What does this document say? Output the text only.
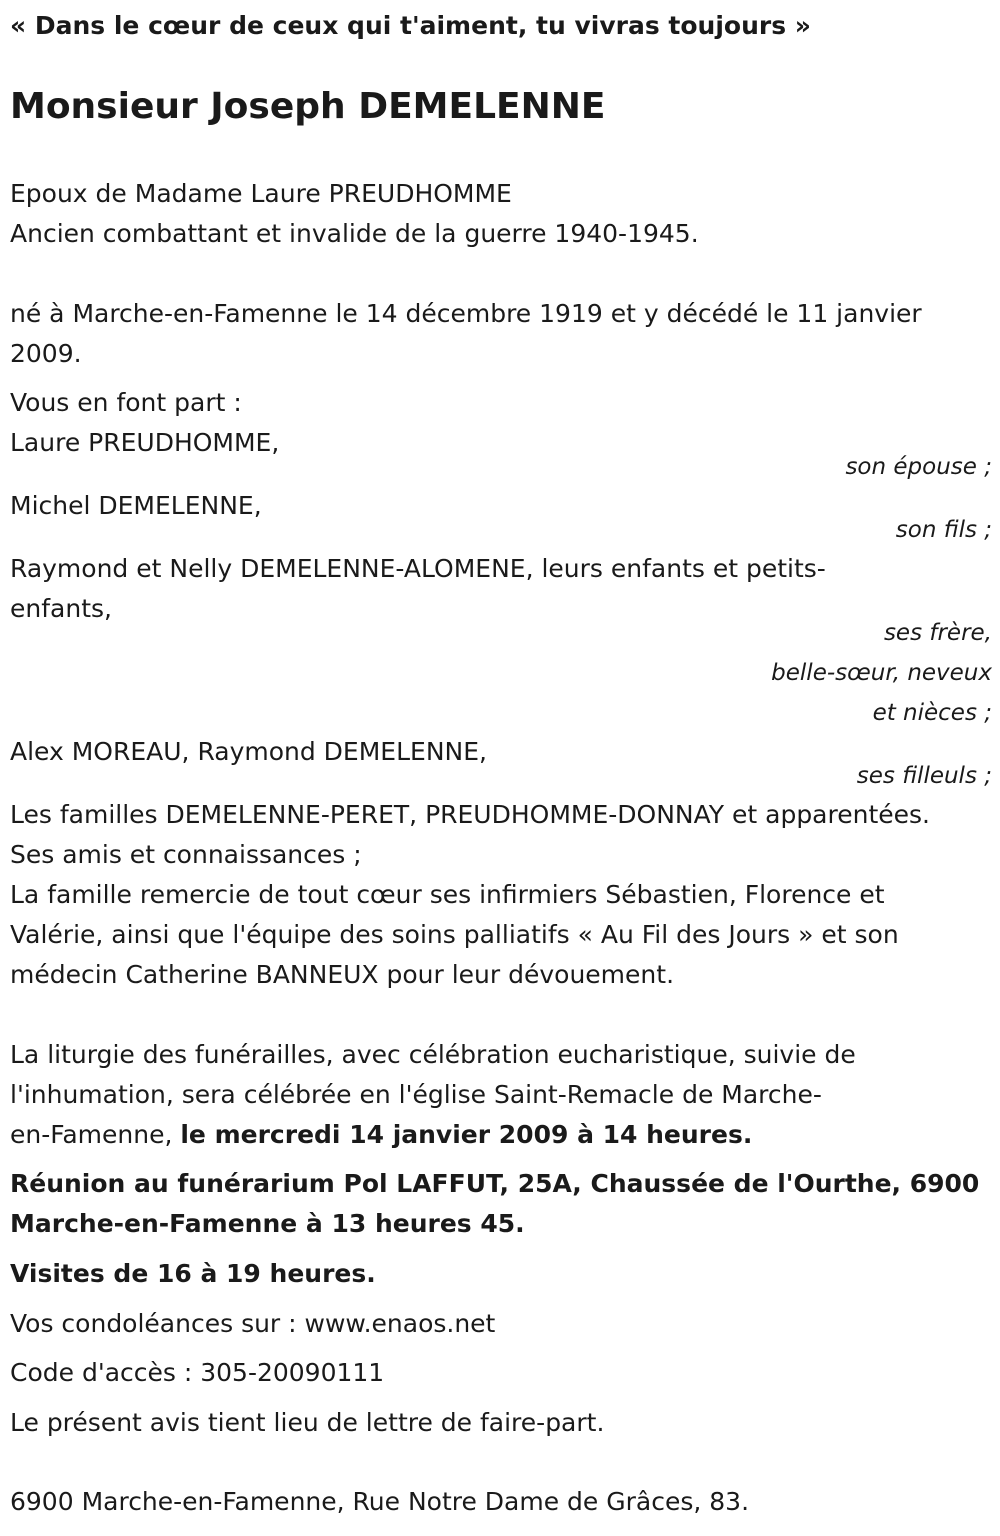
« Dans le cœur de ceux qui t'aiment, tu vivras toujours »
Monsieur Joseph DEMELENNE
Epoux de Madame Laure PREUDHOMME
Ancien combattant et invalide de la guerre 1940-1945.
né à Marche-en-Famenne le 14 décembre 1919 et y décédé le 11 janvier
2009.
Vous en font part :
Laure PREUDHOMME,
son épouse ;
Michel DEMELENNE,
son fils ;
Raymond et Nelly DEMELENNE-ALOMENE, leurs enfants et petits-
enfants,
ses frère,
belle-sœur, neveux
et nièces ;
Alex MOREAU, Raymond DEMELENNE,
ses filleuls ;
Les familles DEMELENNE-PERET, PREUDHOMME-DONNAY et apparentées.
Ses amis et connaissances ;
La famille remercie de tout cœur ses infirmiers Sébastien, Florence et
Valérie, ainsi que l'équipe des soins palliatifs « Au Fil des Jours » et son
médecin Catherine BANNEUX pour leur dévouement.
La liturgie des funérailles, avec célébration eucharistique, suivie de
l'inhumation, sera célébrée en l'église Saint-Remacle de Marche-
en-Famenne, le mercredi 14 janvier 2009 à 14 heures.
Réunion au funérarium Pol LAFFUT, 25A, Chaussée de l'Ourthe, 6900
Marche-en-Famenne à 13 heures 45.
Visites de 16 à 19 heures.
Vos condoléances sur : www.enaos.net
Code d'accès : 305-20090111
Le présent avis tient lieu de lettre de faire-part.
6900 Marche-en-Famenne, Rue Notre Dame de Grâces, 83.
